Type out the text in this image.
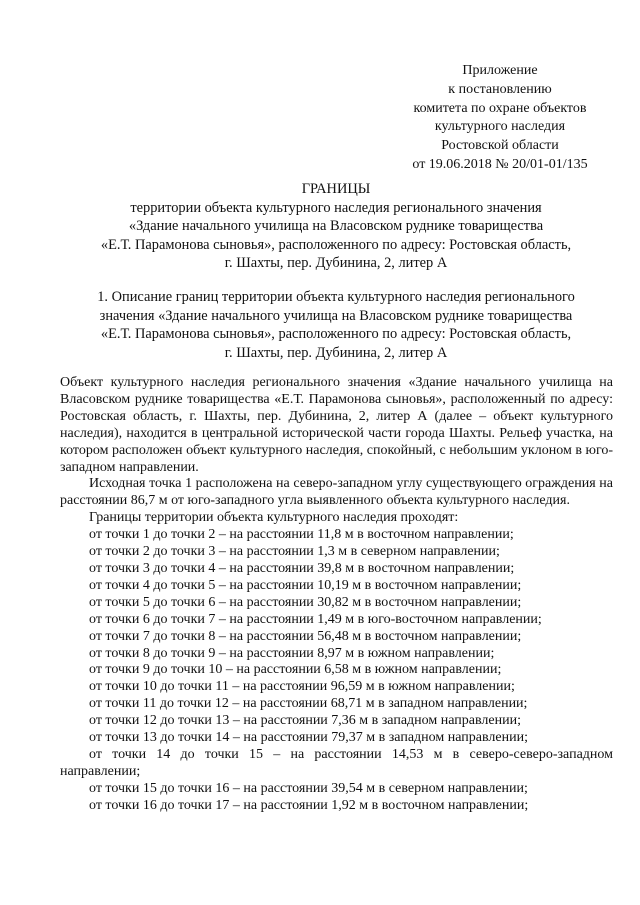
Приложение
к постановлению
комитета по охране объектов
культурного наследия
Ростовской области
от 19.06.2018 № 20/01-01/135
ГРАНИЦЫ
территории объекта культурного наследия регионального значения
«Здание начального училища на Власовском руднике товарищества
«Е.Т. Парамонова сыновья», расположенного по адресу: Ростовская область,
г. Шахты, пер. Дубинина, 2, литер А
1. Описание границ территории объекта культурного наследия регионального
значения «Здание начального училища на Власовском руднике товарищества
«Е.Т. Парамонова сыновья», расположенного по адресу: Ростовская область,
г. Шахты, пер. Дубинина, 2, литер А

Объект культурного наследия регионального значения «Здание начального училища на Власовском руднике товарищества «Е.Т. Парамонова сыновья», расположенный по адресу: Ростовская область, г. Шахты, пер. Дубинина, 2, литер А (далее – объект культурного наследия), находится в центральной исторической части города Шахты. Рельеф участка, на котором расположен объект культурного наследия, спокойный, с небольшим уклоном в юго-западном направлении.

Исходная точка 1 расположена на северо-западном углу существующего ограждения на расстоянии 86,7 м от юго-западного угла выявленного объекта культурного наследия.

Границы территории объекта культурного наследия проходят:

от точки 1 до точки 2 – на расстоянии 11,8 м в восточном направлении;
от точки 2 до точки 3 – на расстоянии 1,3 м в северном направлении;
от точки 3 до точки 4 – на расстоянии 39,8 м в восточном направлении;
от точки 4 до точки 5 – на расстоянии 10,19 м в восточном направлении;
от точки 5 до точки 6 – на расстоянии 30,82 м в восточном направлении;
от точки 6 до точки 7 – на расстоянии 1,49 м в юго-восточном направлении;
от точки 7 до точки 8 – на расстоянии 56,48 м в восточном направлении;
от точки 8 до точки 9 – на расстоянии 8,97 м в южном направлении;
от точки 9 до точки 10 – на расстоянии 6,58 м в южном направлении;
от точки 10 до точки 11 – на расстоянии 96,59 м в южном направлении;
от точки 11 до точки 12 – на расстоянии 68,71 м в западном направлении;
от точки 12 до точки 13 – на расстоянии 7,36 м в западном направлении;
от точки 13 до точки 14 – на расстоянии 79,37 м в западном направлении;
от точки 14 до точки 15 – на расстоянии 14,53 м в северо-северо-западном направлении;
от точки 15 до точки 16 – на расстоянии 39,54 м в северном направлении;
от точки 16 до точки 17 – на расстоянии 1,92 м в восточном направлении;
